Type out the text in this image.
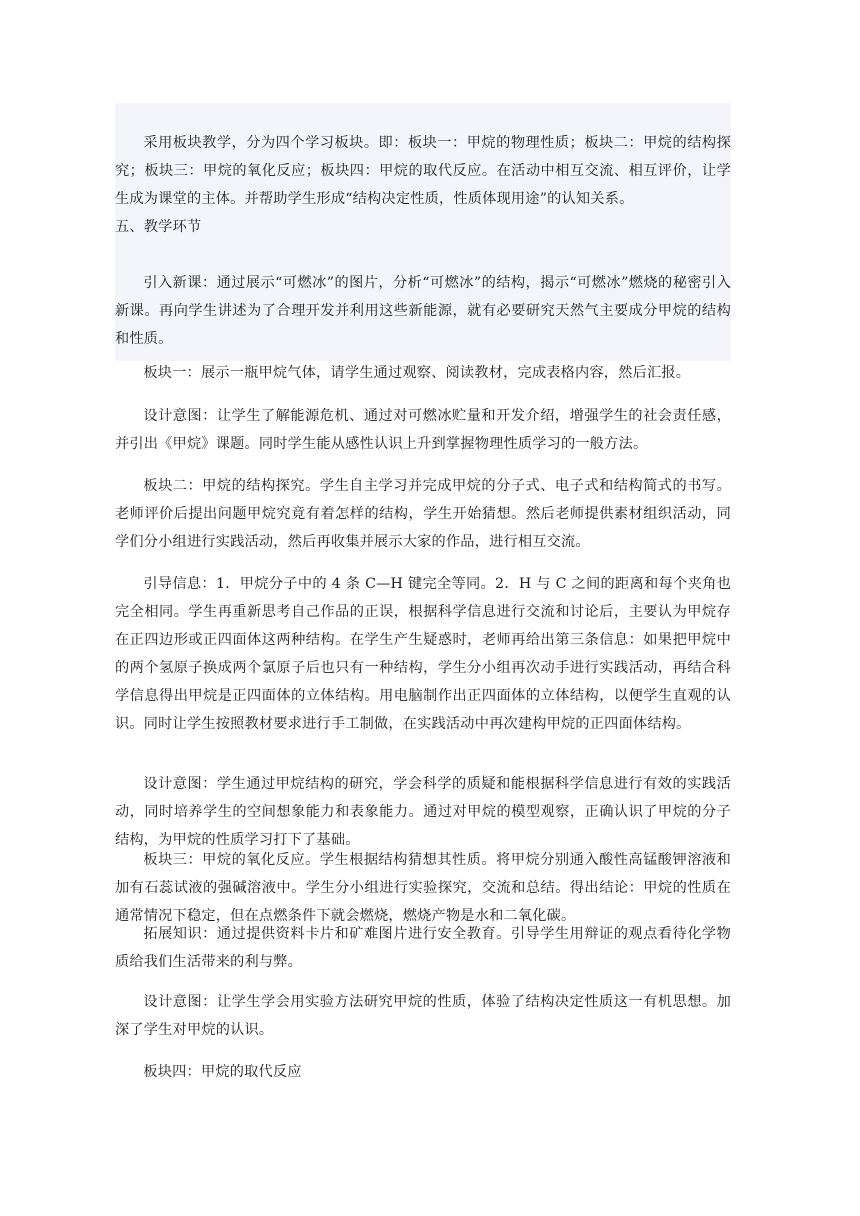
采用板块教学，分为四个学习板块。即：板块一：甲烷的物理性质；板块二：甲烷的结构探究；板块三：甲烷的氧化反应；板块四：甲烷的取代反应。在活动中相互交流、相互评价，让学生成为课堂的主体。并帮助学生形成“结构决定性质，性质体现用途”的认知关系。

五、教学环节

引入新课：通过展示“可燃冰”的图片，分析“可燃冰”的结构，揭示“可燃冰”燃烧的秘密引入新课。再向学生讲述为了合理开发并利用这些新能源，就有必要研究天然气主要成分甲烷的结构和性质。

板块一：展示一瓶甲烷气体，请学生通过观察、阅读教材，完成表格内容，然后汇报。

设计意图：让学生了解能源危机、通过对可燃冰贮量和开发介绍，增强学生的社会责任感，并引出《甲烷》课题。同时学生能从感性认识上升到掌握物理性质学习的一般方法。

板块二：甲烷的结构探究。学生自主学习并完成甲烷的分子式、电子式和结构简式的书写。老师评价后提出问题甲烷究竟有着怎样的结构，学生开始猜想。然后老师提供素材组织活动，同学们分小组进行实践活动，然后再收集并展示大家的作品，进行相互交流。

引导信息：1．甲烷分子中的 4 条 C—H 键完全等同。2．H 与 C 之间的距离和每个夹角也完全相同。学生再重新思考自己作品的正误，根据科学信息进行交流和讨论后，主要认为甲烷存在正四边形或正四面体这两种结构。在学生产生疑惑时，老师再给出第三条信息：如果把甲烷中的两个氢原子换成两个氯原子后也只有一种结构，学生分小组再次动手进行实践活动，再结合科学信息得出甲烷是正四面体的立体结构。用电脑制作出正四面体的立体结构，以便学生直观的认识。同时让学生按照教材要求进行手工制做，在实践活动中再次建构甲烷的正四面体结构。

设计意图：学生通过甲烷结构的研究，学会科学的质疑和能根据科学信息进行有效的实践活动，同时培养学生的空间想象能力和表象能力。通过对甲烷的模型观察，正确认识了甲烷的分子结构，为甲烷的性质学习打下了基础。

板块三：甲烷的氧化反应。学生根据结构猜想其性质。将甲烷分别通入酸性高锰酸钾溶液和加有石蕊试液的强碱溶液中。学生分小组进行实验探究，交流和总结。得出结论：甲烷的性质在通常情况下稳定，但在点燃条件下就会燃烧，燃烧产物是水和二氧化碳。

拓展知识：通过提供资料卡片和矿难图片进行安全教育。引导学生用辩证的观点看待化学物质给我们生活带来的利与弊。

设计意图：让学生学会用实验方法研究甲烷的性质，体验了结构决定性质这一有机思想。加深了学生对甲烷的认识。

板块四：甲烷的取代反应
